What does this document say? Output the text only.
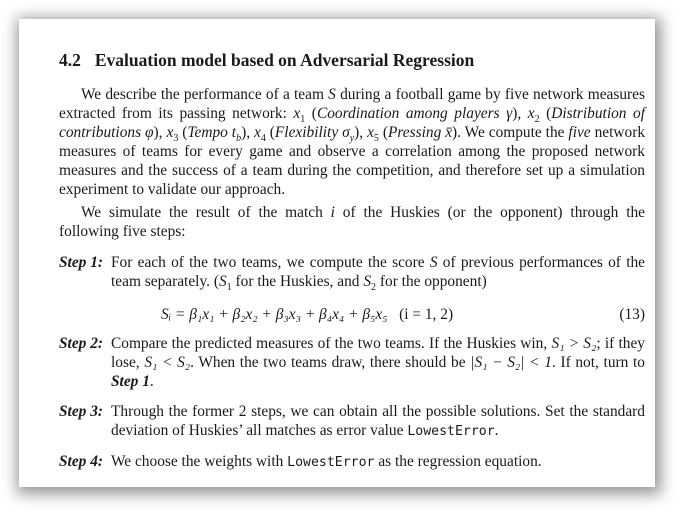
4.2 Evaluation model based on Adversarial Regression

We describe the performance of a team S during a football game by five network measures extracted from its passing network: $x_1$ (Coordination among players γ), $x_2$ (Distribution of contributions φ), $x_3$ (Tempo $t_b$), $x_4$ (Flexibility $\sigma_y$), $x_5$ (Pressing x̄). We compute the five network measures of teams for every game and observe a correlation among the proposed network measures and the success of a team during the competition, and therefore set up a simulation experiment to validate our approach.

We simulate the result of the match i of the Huskies (or the opponent) through the following five steps:

Step 1: For each of the two teams, we compute the score S of previous performances of the team separately. ($S_1$ for the Huskies, and $S_2$ for the opponent)
Sᵢ = β₁x₁ + β₂x₂ + β₃x₃ + β₄x₄ + β₅x₅ (i = 1, 2)	(13)
Step 2: Compare the predicted measures of the two teams. If the Huskies win, S₁ > S₂; if they lose, S₁ < S₂. When the two teams draw, there should be |S₁ − S₂| < 1. If not, turn to Step 1.
Step 3: Through the former 2 steps, we can obtain all the possible solutions. Set the standard deviation of Huskies’ all matches as error value LowestError.
Step 4: We choose the weights with LowestError as the regression equation.
